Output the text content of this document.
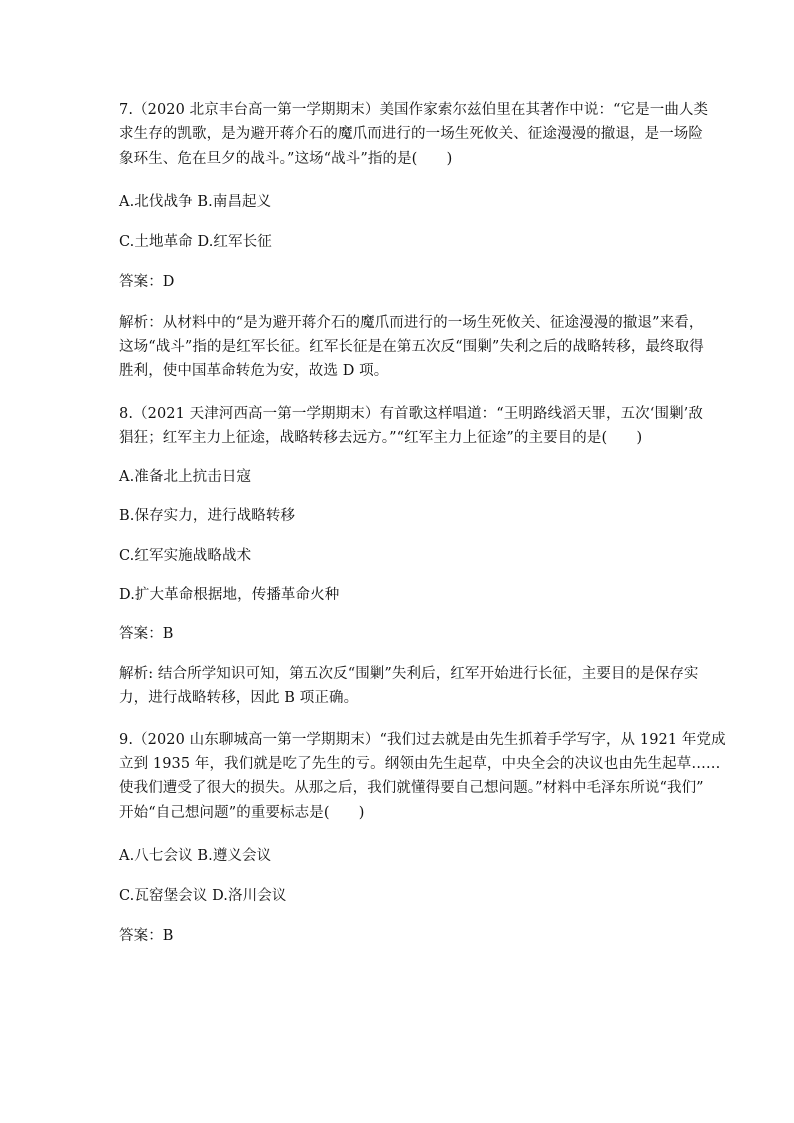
7.（2020 北京丰台高一第一学期期末）美国作家索尔兹伯里在其著作中说：“它是一曲人类
求生存的凯歌，是为避开蒋介石的魔爪而进行的一场生死攸关、征途漫漫的撤退，是一场险
象环生、危在旦夕的战斗。”这场“战斗”指的是(　　)
A.北伐战争 B.南昌起义
C.土地革命 D.红军长征
答案：D
解析：从材料中的“是为避开蒋介石的魔爪而进行的一场生死攸关、征途漫漫的撤退”来看，
这场“战斗”指的是红军长征。红军长征是在第五次反“围剿”失利之后的战略转移，最终取得
胜利，使中国革命转危为安，故选 D 项。
8.（2021 天津河西高一第一学期期末）有首歌这样唱道：“王明路线滔天罪，五次‘围剿’敌
猖狂；红军主力上征途，战略转移去远方。”“红军主力上征途”的主要目的是(　　)
A.准备北上抗击日寇
B.保存实力，进行战略转移
C.红军实施战略战术
D.扩大革命根据地，传播革命火种
答案：B
解析: 结合所学知识可知，第五次反“围剿”失利后，红军开始进行长征，主要目的是保存实
力，进行战略转移，因此 B 项正确。
9.（2020 山东聊城高一第一学期期末）“我们过去就是由先生抓着手学写字，从 1921 年党成
立到 1935 年，我们就是吃了先生的亏。纲领由先生起草，中央全会的决议也由先生起草……
使我们遭受了很大的损失。从那之后，我们就懂得要自己想问题。”材料中毛泽东所说“我们”
开始“自己想问题”的重要标志是(　　)
A.八七会议 B.遵义会议
C.瓦窑堡会议 D.洛川会议
答案：B
